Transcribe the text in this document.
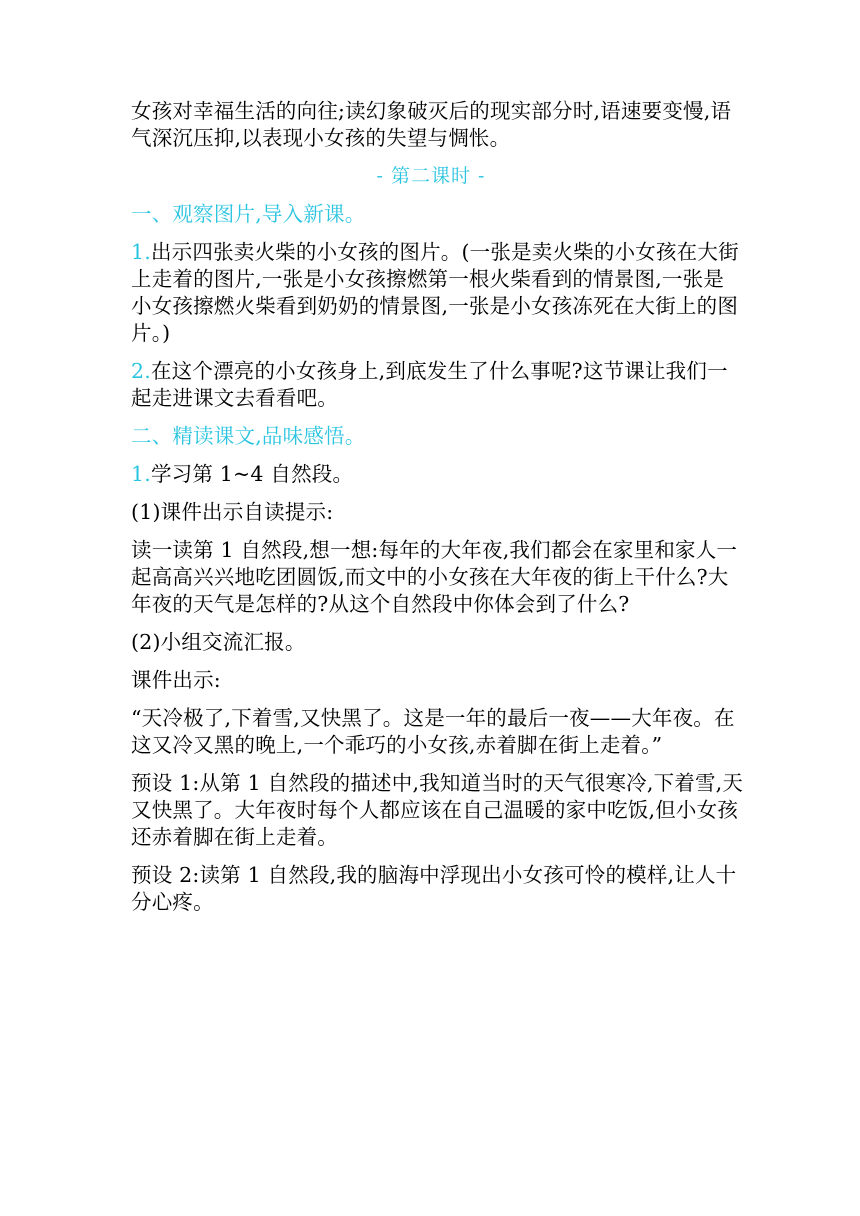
女孩对幸福生活的向往;读幻象破灭后的现实部分时,语速要变慢,语

气深沉压抑,以表现小女孩的失望与惆怅。

- 第二课时 -

一、观察图片,导入新课。

1.出示四张卖火柴的小女孩的图片。(一张是卖火柴的小女孩在大街

上走着的图片,一张是小女孩擦燃第一根火柴看到的情景图,一张是

小女孩擦燃火柴看到奶奶的情景图,一张是小女孩冻死在大街上的图

片。)

2.在这个漂亮的小女孩身上,到底发生了什么事呢?这节课让我们一

起走进课文去看看吧。

二、精读课文,品味感悟。

1.学习第 1~4 自然段。

(1)课件出示自读提示:

读一读第 1 自然段,想一想:每年的大年夜,我们都会在家里和家人一

起高高兴兴地吃团圆饭,而文中的小女孩在大年夜的街上干什么?大

年夜的天气是怎样的?从这个自然段中你体会到了什么?

(2)小组交流汇报。

课件出示:

“天冷极了,下着雪,又快黑了。这是一年的最后一夜——大年夜。在

这又冷又黑的晚上,一个乖巧的小女孩,赤着脚在街上走着。”

预设 1:从第 1 自然段的描述中,我知道当时的天气很寒冷,下着雪,天

又快黑了。大年夜时每个人都应该在自己温暖的家中吃饭,但小女孩

还赤着脚在街上走着。

预设 2:读第 1 自然段,我的脑海中浮现出小女孩可怜的模样,让人十

分心疼。
